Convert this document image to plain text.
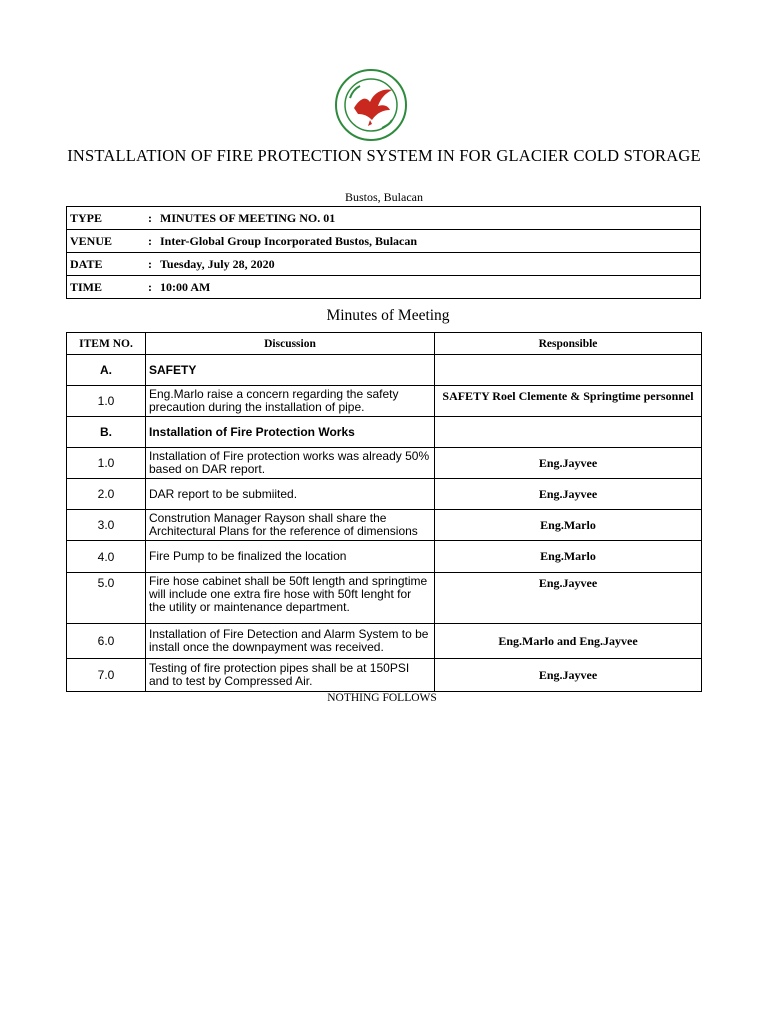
INSTALLATION OF FIRE PROTECTION SYSTEM IN FOR GLACIER COLD STORAGE
Bustos, Bulacan
TYPE	: MINUTES OF MEETING NO. 01
VENUE	: Inter-Global Group Incorporated Bustos, Bulacan
DATE	: Tuesday, July 28, 2020
TIME	: 10:00 AM
Minutes of Meeting
ITEM NO.	Discussion	Responsible
A.	SAFETY	
1.0	Eng.Marlo raise a concern regarding the safety precaution during the installation of pipe.	SAFETY Roel Clemente & Springtime personnel
B.	Installation of Fire Protection Works	
1.0	Installation of Fire protection works was already 50% based on DAR report.	Eng.Jayvee
2.0	DAR report to be submiited.	Eng.Jayvee
3.0	Constrution Manager Rayson shall share the Architectural Plans for the reference of dimensions	Eng.Marlo
4.0	Fire Pump to be finalized the location	Eng.Marlo
5.0	Fire hose cabinet shall be 50ft length and springtime will include one extra fire hose with 50ft lenght for the utility or maintenance department.	Eng.Jayvee
6.0	Installation of Fire Detection and Alarm System to be install once the downpayment was received.	Eng.Marlo and Eng.Jayvee
7.0	Testing of fire protection pipes shall be at 150PSI and to test by Compressed Air.	Eng.Jayvee
NOTHING FOLLOWS
